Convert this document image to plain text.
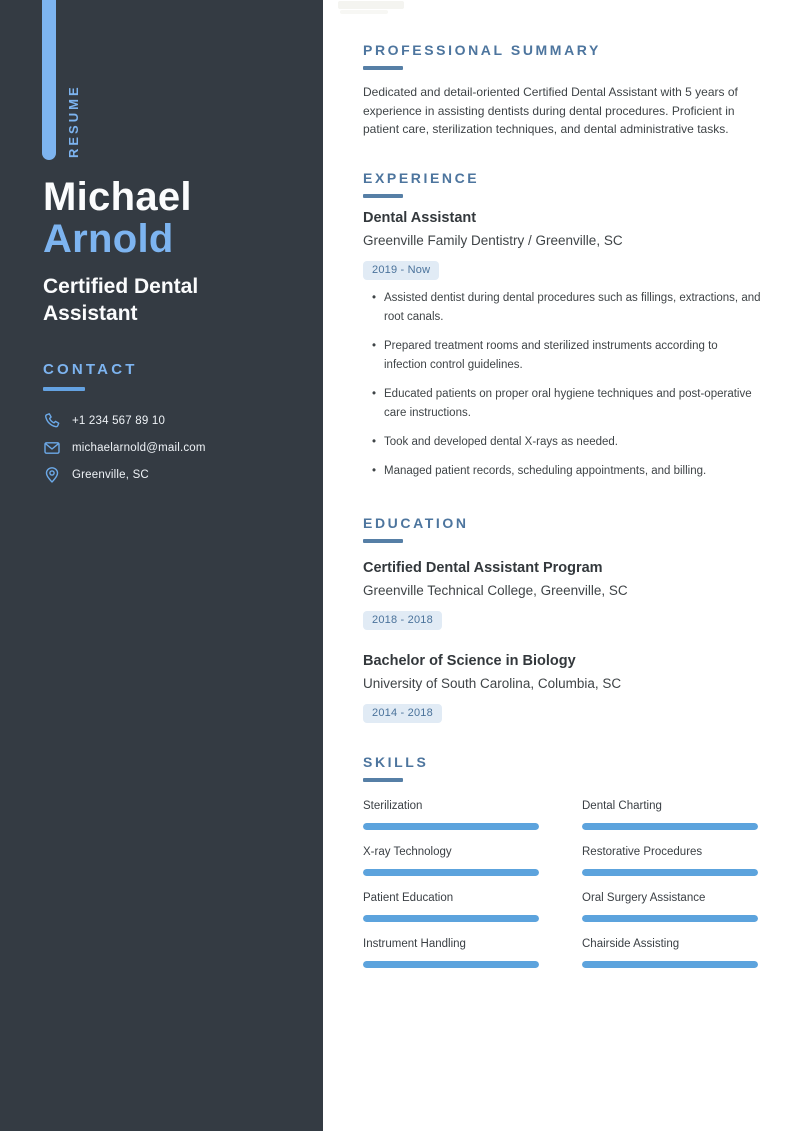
RESUME
Michael
Arnold
Certified Dental Assistant
CONTACT
+1 234 567 89 10
michaelarnold@mail.com
Greenville, SC
PROFESSIONAL SUMMARY
Dedicated and detail-oriented Certified Dental Assistant with 5 years of
experience in assisting dentists during dental procedures. Proficient in
patient care, sterilization techniques, and dental administrative tasks.
EXPERIENCE
Dental Assistant
Greenville Family Dentistry / Greenville, SC
2019 - Now
• Assisted dentist during dental procedures such as fillings, extractions, and root canals.
• Prepared treatment rooms and sterilized instruments according to infection control guidelines.
• Educated patients on proper oral hygiene techniques and post-operative care instructions.
• Took and developed dental X-rays as needed.
• Managed patient records, scheduling appointments, and billing.
EDUCATION
Certified Dental Assistant Program
Greenville Technical College, Greenville, SC
2018 - 2018
Bachelor of Science in Biology
University of South Carolina, Columbia, SC
2014 - 2018
SKILLS
Sterilization	Dental Charting
X-ray Technology	Restorative Procedures
Patient Education	Oral Surgery Assistance
Instrument Handling	Chairside Assisting
